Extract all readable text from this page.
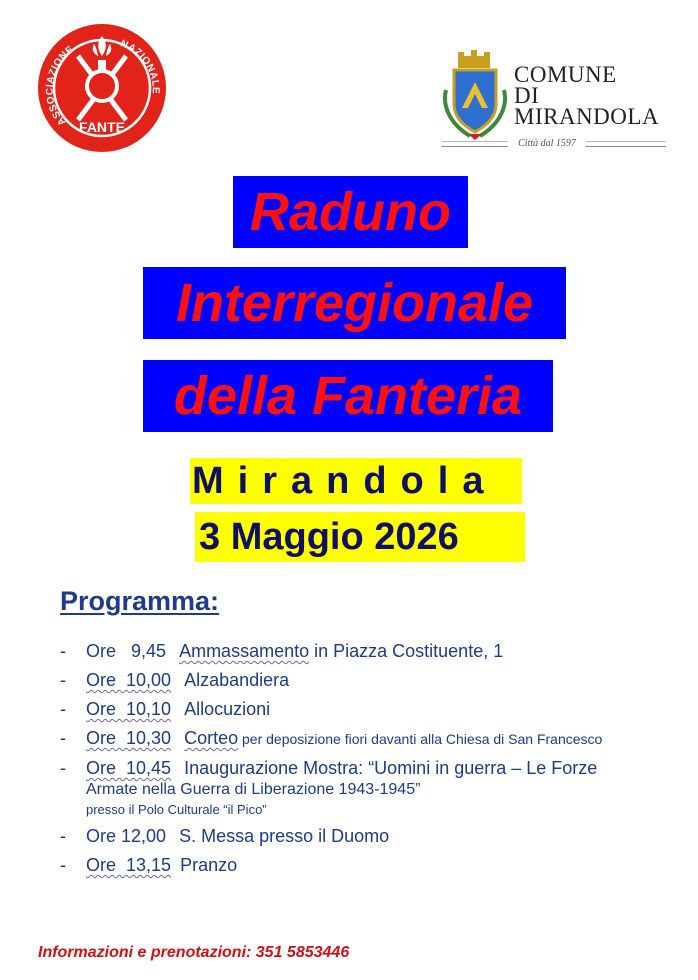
ASSOCIAZIONE	NAZIONALE
FANTE
COMUNE
DI
MIRANDOLA
Città dal 1597
Raduno
Interregionale
della Fanteria
Mirandola
3 Maggio 2026
Programma:
- Ore   9,45 Ammassamento in Piazza Costituente, 1
- Ore  10,00 Alzabandiera
- Ore  10,10 Allocuzioni
- Ore  10,30 Corteo per deposizione fiori davanti alla Chiesa di San Francesco
- Ore  10,45 Inaugurazione Mostra: “Uomini in guerra – Le Forze
Armate nella Guerra di Liberazione 1943-1945”
presso il Polo Culturale “il Pico”
- Ore 12,00 S. Messa presso il Duomo
- Ore  13,15 Pranzo
Informazioni e prenotazioni: 351 5853446
